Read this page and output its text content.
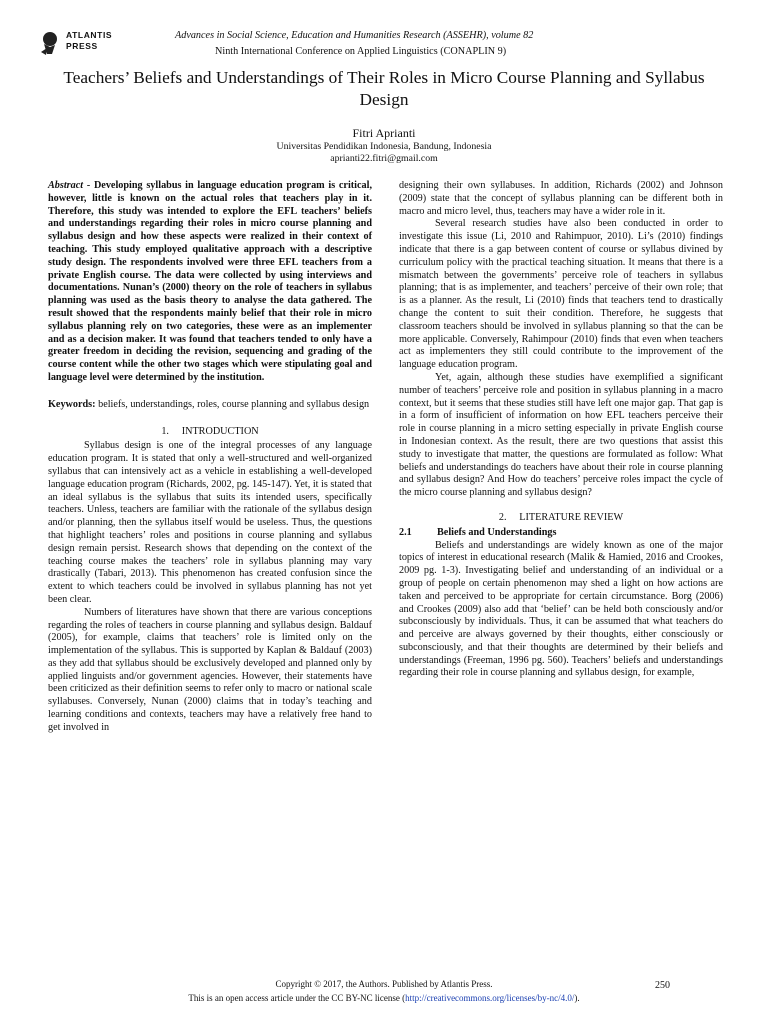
ATLANTIS
PRESS
Advances in Social Science, Education and Humanities Research (ASSEHR), volume 82
Ninth International Conference on Applied Linguistics (CONAPLIN 9)
Teachers’ Beliefs and Understandings of Their Roles in Micro Course Planning and Syllabus Design
Fitri Aprianti
Universitas Pendidikan Indonesia, Bandung, Indonesia
aprianti22.fitri@gmail.com

Abstract - Developing syllabus in language education program is critical, however, little is known on the actual roles that teachers play in it. Therefore, this study was intended to explore the EFL teachers’ beliefs and understandings regarding their roles in micro course planning and syllabus design and how these aspects were realized in their context of teaching. This study employed qualitative approach with a descriptive study design. The respondents involved were three EFL teachers from a private English course. The data were collected by using interviews and documentations. Nunan’s (2000) theory on the role of teachers in syllabus planning was used as the basis theory to analyse the data gathered. The result showed that the respondents mainly belief that their role in micro syllabus planning rely on two categories, these were as an implementer and as a decision maker. It was found that teachers tended to only have a greater freedom in deciding the revision, sequencing and grading of the course content while the other two stages which were stipulating goal and language level were determined by the institution.

Keywords: beliefs, understandings, roles, course planning and syllabus design

1.     INTRODUCTION

Syllabus design is one of the integral processes of any language education program. It is stated that only a well-structured and well-organized syllabus that can intensively act as a vehicle in establishing a well-developed language education program (Richards, 2002, pg. 145-147). Yet, it is stated that an ideal syllabus is the syllabus that suits its intended users, specifically teachers. Unless, teachers are familiar with the rationale of the syllabus design and/or planning, then the syllabus itself would be useless. Thus, the questions that highlight teachers’ roles and positions in course planning and syllabus design remain persist. Research shows that depending on the context of the teaching course makes the teachers’ role in syllabus planning may vary drastically (Tabari, 2013). This phenomenon has created confusion since the extent to which teachers could be involved in syllabus planning has not yet been clear.

Numbers of literatures have shown that there are various conceptions regarding the roles of teachers in course planning and syllabus design. Baldauf (2005), for example, claims that teachers’ role is limited only on the implementation of the syllabus. This is supported by Kaplan & Baldauf (2003) as they add that syllabus should be exclusively developed and planned only by applied linguists and/or government agencies. However, their statements have been criticized as their definition seems to refer only to macro or national scale syllabuses. Conversely, Nunan (2000) claims that in today’s teaching and learning conditions and contexts, teachers may have a relatively free hand to get involved in

designing their own syllabuses. In addition, Richards (2002) and Johnson (2009) state that the concept of syllabus planning can be different both in macro and micro level, thus, teachers may have a wider role in it.

Several research studies have also been conducted in order to investigate this issue (Li, 2010 and Rahimpuor, 2010). Li’s (2010) findings indicate that there is a gap between content of course or syllabus divined by curriculum policy with the practical teaching situation. It means that there is a mismatch between the governments’ perceive role of teachers in syllabus planning; that is as implementer, and teachers’ perceive of their own role; that is as a planner. As the result, Li (2010) finds that teachers tend to drastically change the content to suit their condition. Therefore, he suggests that classroom teachers should be involved in syllabus planning so that the can be more applicable. Conversely, Rahimpour (2010) finds that even when teachers act as implementers they still could contribute to the improvement of the language education program.

Yet, again, although these studies have exemplified a significant number of teachers’ perceive role and position in syllabus planning in a macro context, but it seems that these studies still have left one major gap. That gap is in a form of insufficient of information on how EFL teachers perceive their role in course planning in a micro setting especially in private English course in Indonesian context. As the result, there are two questions that assist this study to investigate that matter, the questions are formulated as follow: What beliefs and understandings do teachers have about their role in course planning and syllabus design? And How do teachers’ perceive roles impact the cycle of the micro course planning and syllabus design?

2.     LITERATURE REVIEW

2.1 Beliefs and Understandings

Beliefs and understandings are widely known as one of the major topics of interest in educational research (Malik & Hamied, 2016 and Crookes, 2009 pg. 1-3). Investigating belief and understanding of an individual or a group of people on certain phenomenon may shed a light on how actions are taken and perceived to be appropriate for certain circumstance. Borg (2006) and Crookes (2009) also add that ‘belief’ can be held both consciously and/or subconsciously by individuals. Thus, it can be assumed that what teachers do and perceive are always governed by their thoughts, either consciously or subconsciously, and that their thoughts are determined by their beliefs and understandings (Freeman, 1996 pg. 560). Teachers’ beliefs and understandings regarding their role in course planning and syllabus design, for example,

Copyright © 2017, the Authors. Published by Atlantis Press.	250
This is an open access article under the CC BY-NC license (http://creativecommons.org/licenses/by-nc/4.0/).
